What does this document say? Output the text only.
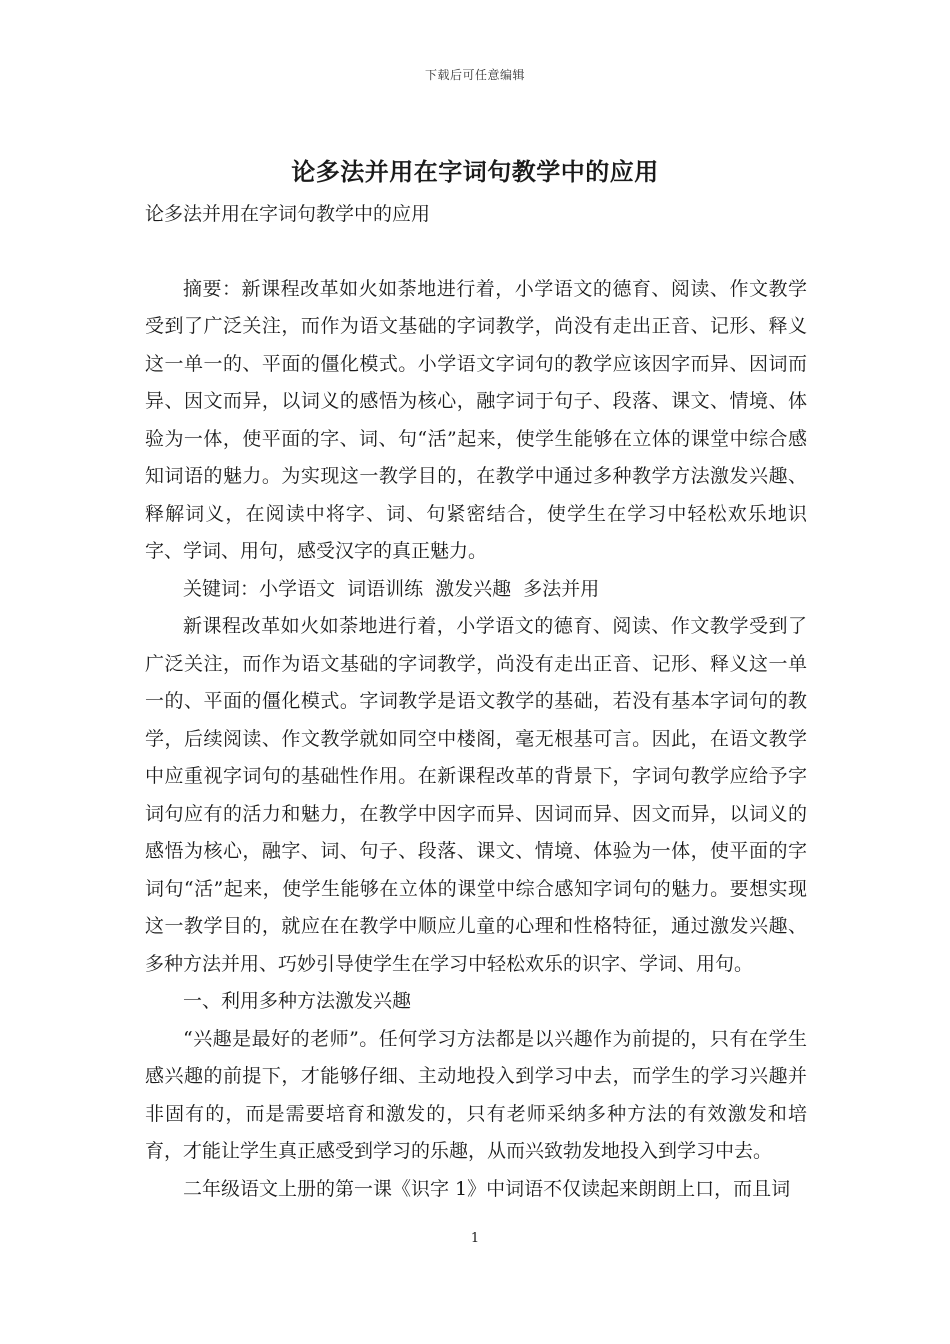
下载后可任意编辑
论多法并用在字词句教学中的应用

论多法并用在字词句教学中的应用

摘要：新课程改革如火如荼地进行着，小学语文的德育、阅读、作文教学受到了广泛关注，而作为语文基础的字词教学，尚没有走出正音、记形、释义这一单一的、平面的僵化模式。小学语文字词句的教学应该因字而异、因词而异、因文而异，以词义的感悟为核心，融字词于句子、段落、课文、情境、体验为一体，使平面的字、词、句“活”起来，使学生能够在立体的课堂中综合感知词语的魅力。为实现这一教学目的，在教学中通过多种教学方法激发兴趣、释解词义，在阅读中将字、词、句紧密结合，使学生在学习中轻松欢乐地识字、学词、用句，感受汉字的真正魅力。

关键词：小学语文  词语训练  激发兴趣  多法并用

新课程改革如火如荼地进行着，小学语文的德育、阅读、作文教学受到了广泛关注，而作为语文基础的字词教学，尚没有走出正音、记形、释义这一单一的、平面的僵化模式。字词教学是语文教学的基础，若没有基本字词句的教学，后续阅读、作文教学就如同空中楼阁，毫无根基可言。因此，在语文教学中应重视字词句的基础性作用。在新课程改革的背景下，字词句教学应给予字词句应有的活力和魅力，在教学中因字而异、因词而异、因文而异，以词义的感悟为核心，融字、词、句子、段落、课文、情境、体验为一体，使平面的字词句“活”起来，使学生能够在立体的课堂中综合感知字词句的魅力。要想实现这一教学目的，就应在在教学中顺应儿童的心理和性格特征，通过激发兴趣、多种方法并用、巧妙引导使学生在学习中轻松欢乐的识字、学词、用句。

一、利用多种方法激发兴趣

“兴趣是最好的老师”。任何学习方法都是以兴趣作为前提的，只有在学生感兴趣的前提下，才能够仔细、主动地投入到学习中去，而学生的学习兴趣并非固有的，而是需要培育和激发的，只有老师采纳多种方法的有效激发和培育，才能让学生真正感受到学习的乐趣，从而兴致勃发地投入到学习中去。

二年级语文上册的第一课《识字 1》中词语不仅读起来朗朗上口，而且词

1
